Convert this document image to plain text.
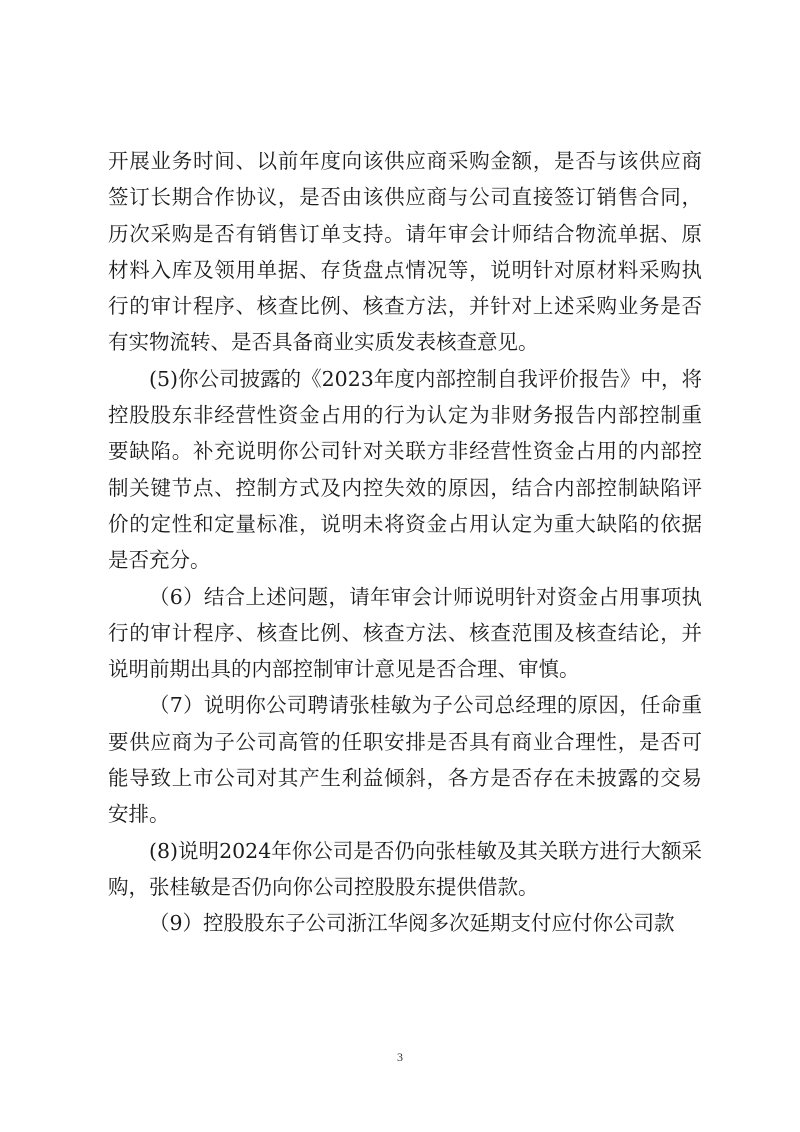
开展业务时间、以前年度向该供应商采购金额，是否与该供应商签订长期合作协议，是否由该供应商与公司直接签订销售合同，历次采购是否有销售订单支持。请年审会计师结合物流单据、原材料入库及领用单据、存货盘点情况等，说明针对原材料采购执行的审计程序、核查比例、核查方法，并针对上述采购业务是否有实物流转、是否具备商业实质发表核查意见。

(5)你公司披露的《2023年度内部控制自我评价报告》中，将控股股东非经营性资金占用的行为认定为非财务报告内部控制重要缺陷。补充说明你公司针对关联方非经营性资金占用的内部控制关键节点、控制方式及内控失效的原因，结合内部控制缺陷评价的定性和定量标准，说明未将资金占用认定为重大缺陷的依据是否充分。

（6）结合上述问题，请年审会计师说明针对资金占用事项执行的审计程序、核查比例、核查方法、核查范围及核查结论，并说明前期出具的内部控制审计意见是否合理、审慎。

（7）说明你公司聘请张桂敏为子公司总经理的原因，任命重要供应商为子公司高管的任职安排是否具有商业合理性，是否可能导致上市公司对其产生利益倾斜，各方是否存在未披露的交易安排。

(8)说明2024年你公司是否仍向张桂敏及其关联方进行大额采购，张桂敏是否仍向你公司控股股东提供借款。

（9）控股股东子公司浙江华阅多次延期支付应付你公司款

3
